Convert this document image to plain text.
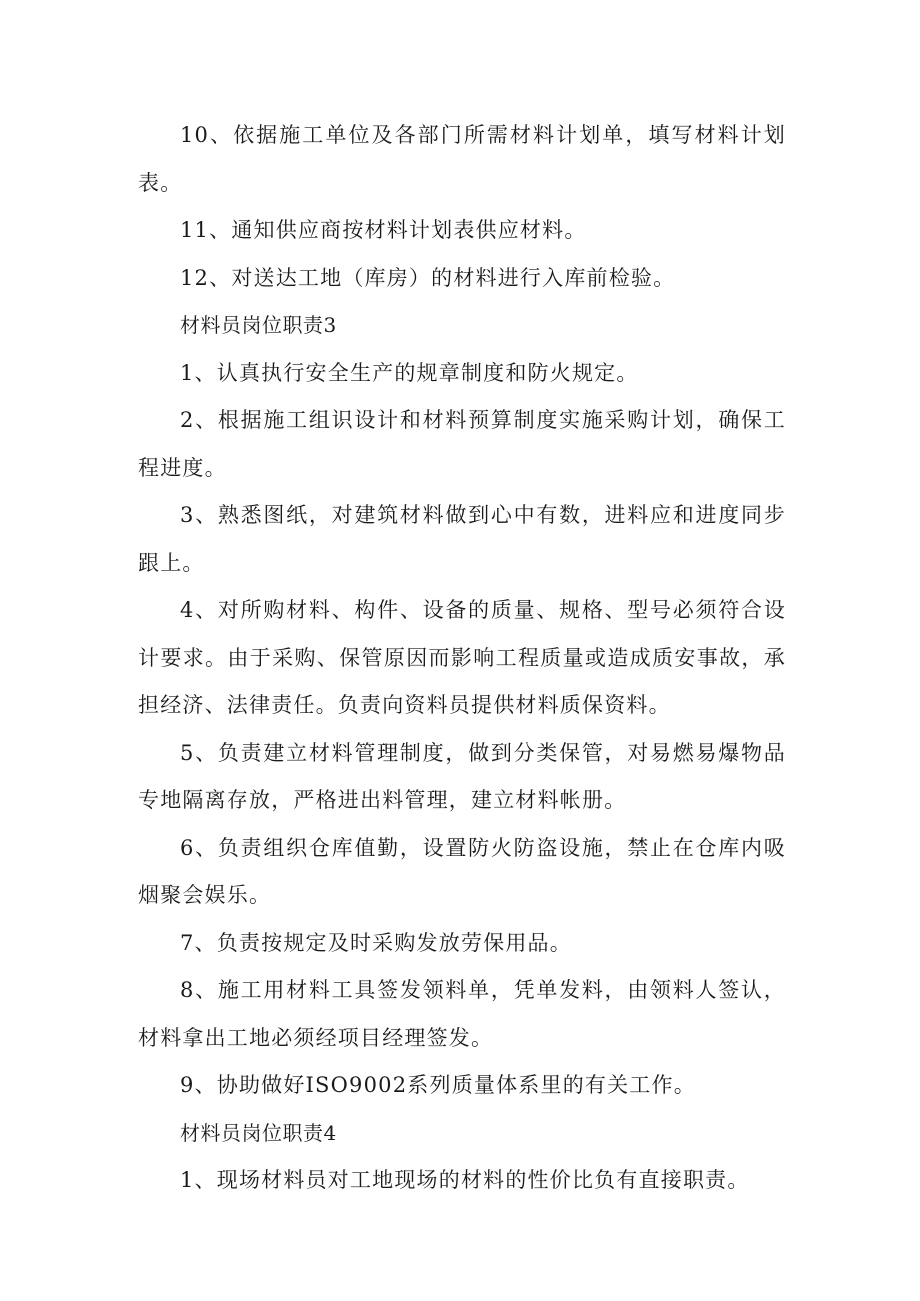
10、依据施工单位及各部门所需材料计划单，填写材料计划表。

11、通知供应商按材料计划表供应材料。

12、对送达工地（库房）的材料进行入库前检验。

材料员岗位职责3

1、认真执行安全生产的规章制度和防火规定。

2、根据施工组识设计和材料预算制度实施采购计划，确保工程进度。

3、熟悉图纸，对建筑材料做到心中有数，进料应和进度同步跟上。

4、对所购材料、构件、设备的质量、规格、型号必须符合设计要求。由于采购、保管原因而影响工程质量或造成质安事故，承担经济、法律责任。负责向资料员提供材料质保资料。

5、负责建立材料管理制度，做到分类保管，对易燃易爆物品专地隔离存放，严格进出料管理，建立材料帐册。

6、负责组织仓库值勤，设置防火防盗设施，禁止在仓库内吸烟聚会娱乐。

7、负责按规定及时采购发放劳保用品。

8、施工用材料工具签发领料单，凭单发料，由领料人签认，材料拿出工地必须经项目经理签发。

9、协助做好ISO9002系列质量体系里的有关工作。

材料员岗位职责4

1、现场材料员对工地现场的材料的性价比负有直接职责。
